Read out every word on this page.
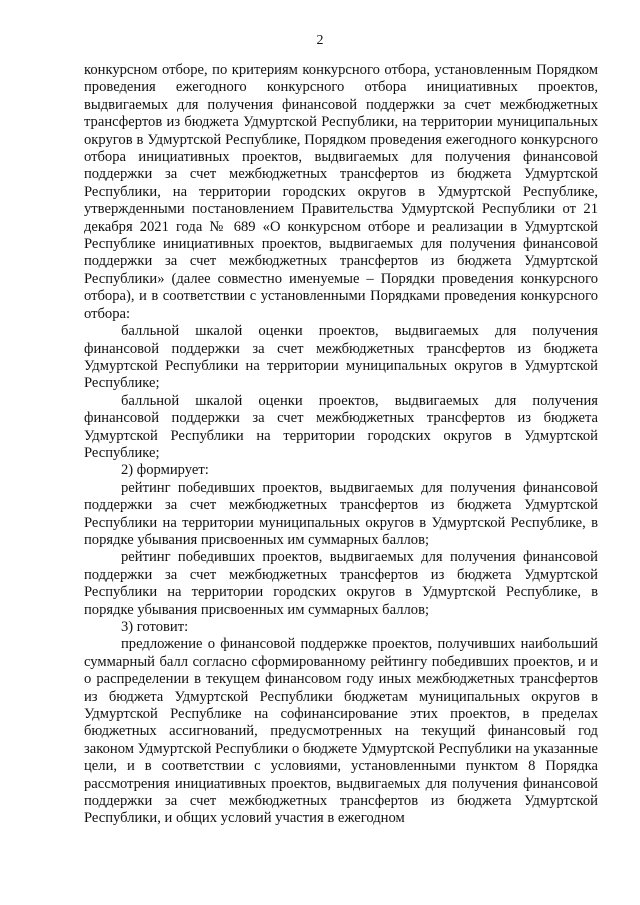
2

конкурсном отборе, по критериям конкурсного отбора, установленным Порядком проведения ежегодного конкурсного отбора инициативных проектов, выдвигаемых для получения финансовой поддержки за счет межбюджетных трансфертов из бюджета Удмуртской Республики, на территории муниципальных округов в Удмуртской Республике, Порядком проведения ежегодного конкурсного отбора инициативных проектов, выдвигаемых для получения финансовой поддержки за счет межбюджетных трансфертов из бюджета Удмуртской Республики, на территории городских округов в Удмуртской Республике, утвержденными постановлением Правительства Удмуртской Республики от 21 декабря 2021 года № 689 «О конкурсном отборе и реализации в Удмуртской Республике инициативных проектов, выдвигаемых для получения финансовой поддержки за счет межбюджетных трансфертов из бюджета Удмуртской Республики» (далее совместно именуемые – Порядки проведения конкурсного отбора), и в соответствии с установленными Порядками проведения конкурсного отбора:

балльной шкалой оценки проектов, выдвигаемых для получения финансовой поддержки за счет межбюджетных трансфертов из бюджета Удмуртской Республики на территории муниципальных округов в Удмуртской Республике;

балльной шкалой оценки проектов, выдвигаемых для получения финансовой поддержки за счет межбюджетных трансфертов из бюджета Удмуртской Республики на территории городских округов в Удмуртской Республике;

2) формирует:

рейтинг победивших проектов, выдвигаемых для получения финансовой поддержки за счет межбюджетных трансфертов из бюджета Удмуртской Республики на территории муниципальных округов в Удмуртской Республике, в порядке убывания присвоенных им суммарных баллов;

рейтинг победивших проектов, выдвигаемых для получения финансовой поддержки за счет межбюджетных трансфертов из бюджета Удмуртской Республики на территории городских округов в Удмуртской Республике, в порядке убывания присвоенных им суммарных баллов;

3) готовит:

предложение о финансовой поддержке проектов, получивших наибольший суммарный балл согласно сформированному рейтингу победивших проектов, и и о распределении в текущем финансовом году иных межбюджетных трансфертов из бюджета Удмуртской Республики бюджетам муниципальных округов в Удмуртской Республике на софинансирование этих проектов, в пределах бюджетных ассигнований, предусмотренных на текущий финансовый год законом Удмуртской Республики о бюджете Удмуртской Республики на указанные цели, и в соответствии с условиями, установленными пунктом 8 Порядка рассмотрения инициативных проектов, выдвигаемых для получения финансовой поддержки за счет межбюджетных трансфертов из бюджета Удмуртской Республики, и общих условий участия в ежегодном
